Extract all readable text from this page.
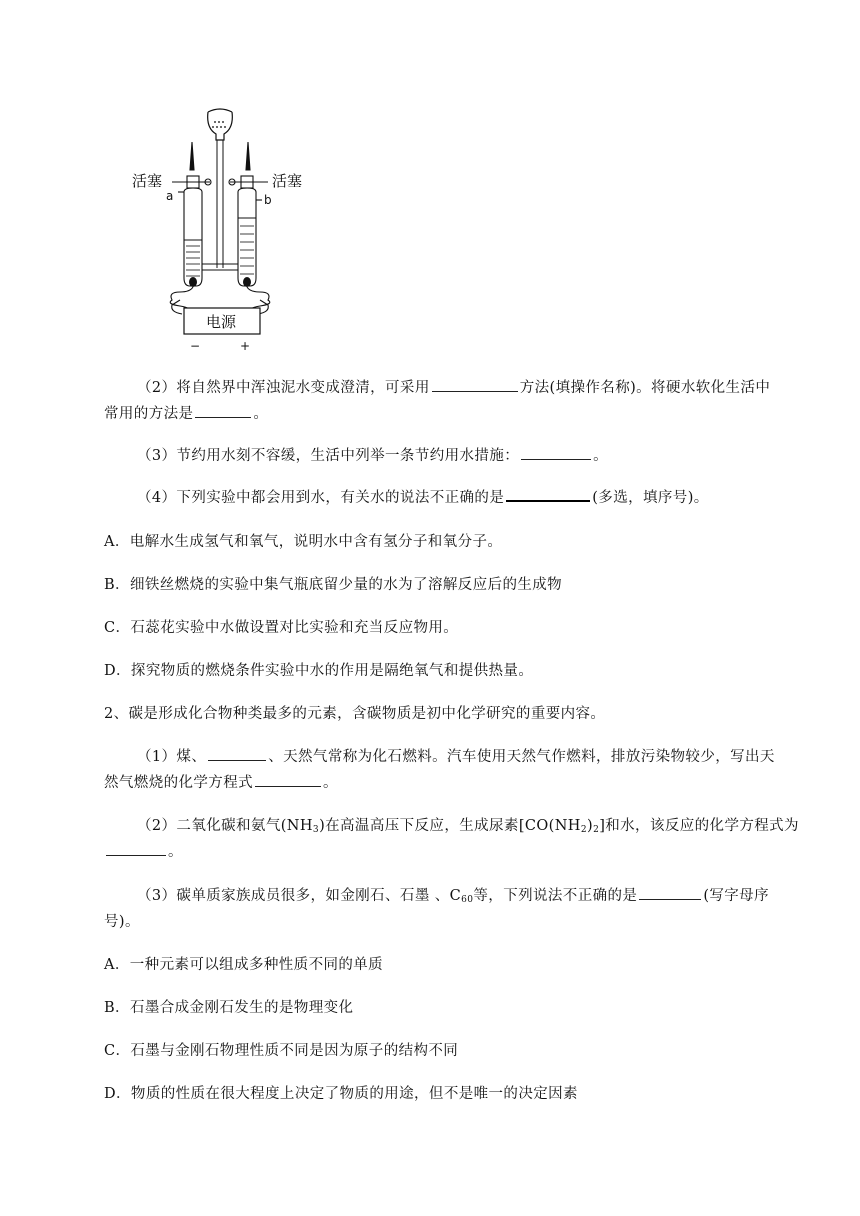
活塞	活塞
a	b
电源
−	+
（2）将自然界中浑浊泥水变成澄清，可采用	方法(填操作名称)。将硬水软化生活中
常用的方法是	。
（3）节约用水刻不容缓，生活中列举一条节约用水措施：	。
（4）下列实验中都会用到水，有关水的说法不正确的是	(多选，填序号)。
A．电解水生成氢气和氧气，说明水中含有氢分子和氧分子。
B．细铁丝燃烧的实验中集气瓶底留少量的水为了溶解反应后的生成物
C．石蕊花实验中水做设置对比实验和充当反应物用。
D．探究物质的燃烧条件实验中水的作用是隔绝氧气和提供热量。
2、碳是形成化合物种类最多的元素，含碳物质是初中化学研究的重要内容。
（1）煤、	、天然气常称为化石燃料。汽车使用天然气作燃料，排放污染物较少，写出天
然气燃烧的化学方程式	。
（2）二氧化碳和氨气$(NH_3)$在高温高压下反应，生成尿素$[CO(NH_2)_2]$和水，该反应的化学方程式为
。
（3）碳单质家族成员很多，如金刚石、石墨 、$C_{60}$等，下列说法不正确的是	(写字母序
号)。
A．一种元素可以组成多种性质不同的单质
B．石墨合成金刚石发生的是物理变化
C．石墨与金刚石物理性质不同是因为原子的结构不同
D．物质的性质在很大程度上决定了物质的用途，但不是唯一的决定因素
